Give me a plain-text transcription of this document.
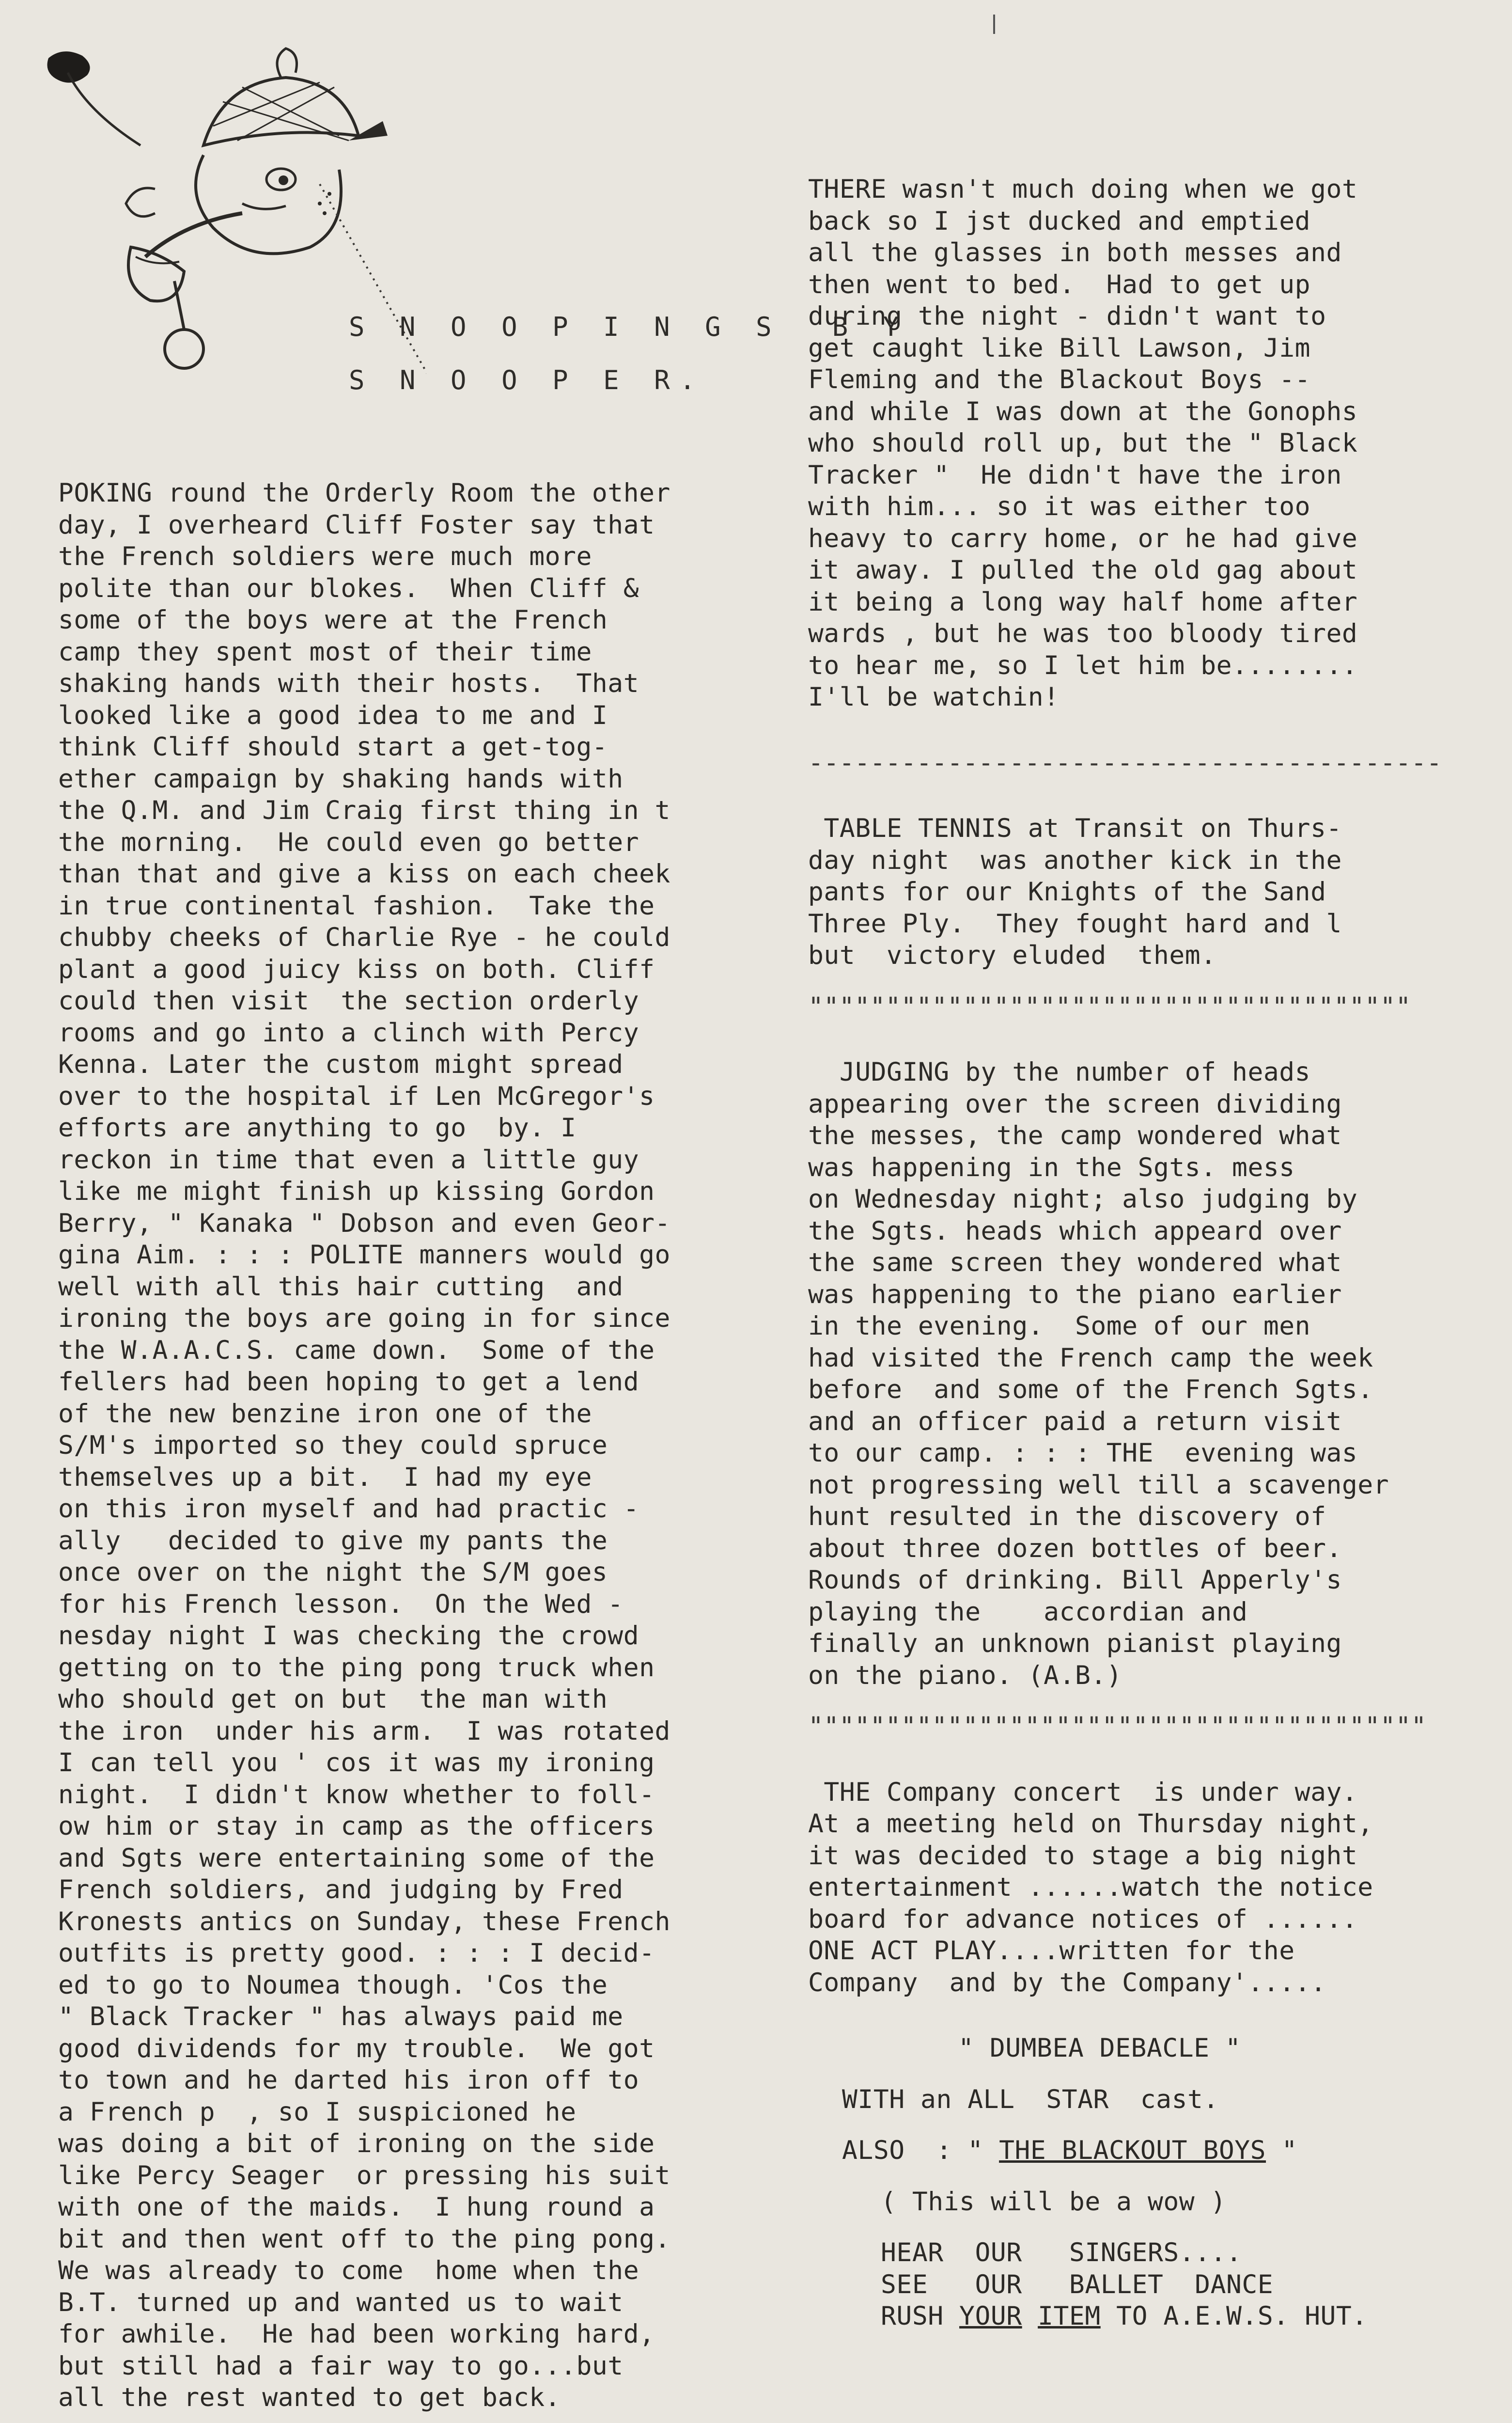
S N O O P I N G S  B Y
S N O O P E R.
POKING round the Orderly Room the other
day, I overheard Cliff Foster say that
the French soldiers were much more
polite than our blokes.  When Cliff &
some of the boys were at the French
camp they spent most of their time
shaking hands with their hosts.  That
looked like a good idea to me and I
think Cliff should start a get-tog-
ether campaign by shaking hands with
the Q.M. and Jim Craig first thing in t
the morning.  He could even go better
than that and give a kiss on each cheek
in true continental fashion.  Take the
chubby cheeks of Charlie Rye - he could
plant a good juicy kiss on both. Cliff
could then visit  the section orderly
rooms and go into a clinch with Percy
Kenna. Later the custom might spread
over to the hospital if Len McGregor's
efforts are anything to go  by. I
reckon in time that even a little guy
like me might finish up kissing Gordon
Berry, " Kanaka " Dobson and even Geor-
gina Aim. : : : POLITE manners would go
well with all this hair cutting  and
ironing the boys are going in for since
the W.A.A.C.S. came down.  Some of the
fellers had been hoping to get a lend
of the new benzine iron one of the
S/M's imported so they could spruce
themselves up a bit.  I had my eye
on this iron myself and had practic -
ally   decided to give my pants the
once over on the night the S/M goes
for his French lesson.  On the Wed -
nesday night I was checking the crowd
getting on to the ping pong truck when
who should get on but  the man with
the iron  under his arm.  I was rotated
I can tell you ' cos it was my ironing
night.  I didn't know whether to foll-
ow him or stay in camp as the officers
and Sgts were entertaining some of the
French soldiers, and judging by Fred
Kronests antics on Sunday, these French
outfits is pretty good. : : : I decid-
ed to go to Noumea though. 'Cos the
" Black Tracker " has always paid me
good dividends for my trouble.  We got
to town and he darted his iron off to
a French p  , so I suspicioned he
was doing a bit of ironing on the side
like Percy Seager  or pressing his suit
with one of the maids.  I hung round a
bit and then went off to the ping pong.
We was already to come  home when the
B.T. turned up and wanted us to wait
for awhile.  He had been working hard,
but still had a fair way to go...but
all the rest wanted to get back.
THERE wasn't much doing when we got
back so I jst ducked and emptied
all the glasses in both messes and
then went to bed.  Had to get up
during the night - didn't want to
get caught like Bill Lawson, Jim
Fleming and the Blackout Boys --
and while I was down at the Gonophs
who should roll up, but the " Black
Tracker "  He didn't have the iron
with him... so it was either too
heavy to carry home, or he had give
it away. I pulled the old gag about
it being a long way half home after
wards , but he was too bloody tired
to hear me, so I let him be........
I'll be watchin!
-----------------------------------------
TABLE TENNIS at Transit on Thurs-
day night  was another kick in the
pants for our Knights of the Sand
Three Ply.  They fought hard and l
but  victory eluded  them.
"""""""""""""""""""""""""""""""""""""""
JUDGING by the number of heads
appearing over the screen dividing
the messes, the camp wondered what
was happening in the Sgts. mess
on Wednesday night; also judging by
the Sgts. heads which appeard over
the same screen they wondered what
was happening to the piano earlier
in the evening.  Some of our men
had visited the French camp the week
before  and some of the French Sgts.
and an officer paid a return visit
to our camp. : : : THE  evening was
not progressing well till a scavenger
hunt resulted in the discovery of
about three dozen bottles of beer.
Rounds of drinking. Bill Apperly's
playing the    accordian and
finally an unknown pianist playing
on the piano. (A.B.)
""""""""""""""""""""""""""""""""""""""""
THE Company concert  is under way.
At a meeting held on Thursday night,
it was decided to stage a big night
entertainment ......watch the notice
board for advance notices of ......
ONE ACT PLAY....written for the
Company  and by the Company'.....
" DUMBEA DEBACLE "
WITH an ALL  STAR  cast.
ALSO  : " THE BLACKOUT BOYS "
( This will be a wow )
HEAR  OUR   SINGERS....
SEE   OUR   BALLET  DANCE
RUSH YOUR ITEM TO A.E.W.S. HUT.
